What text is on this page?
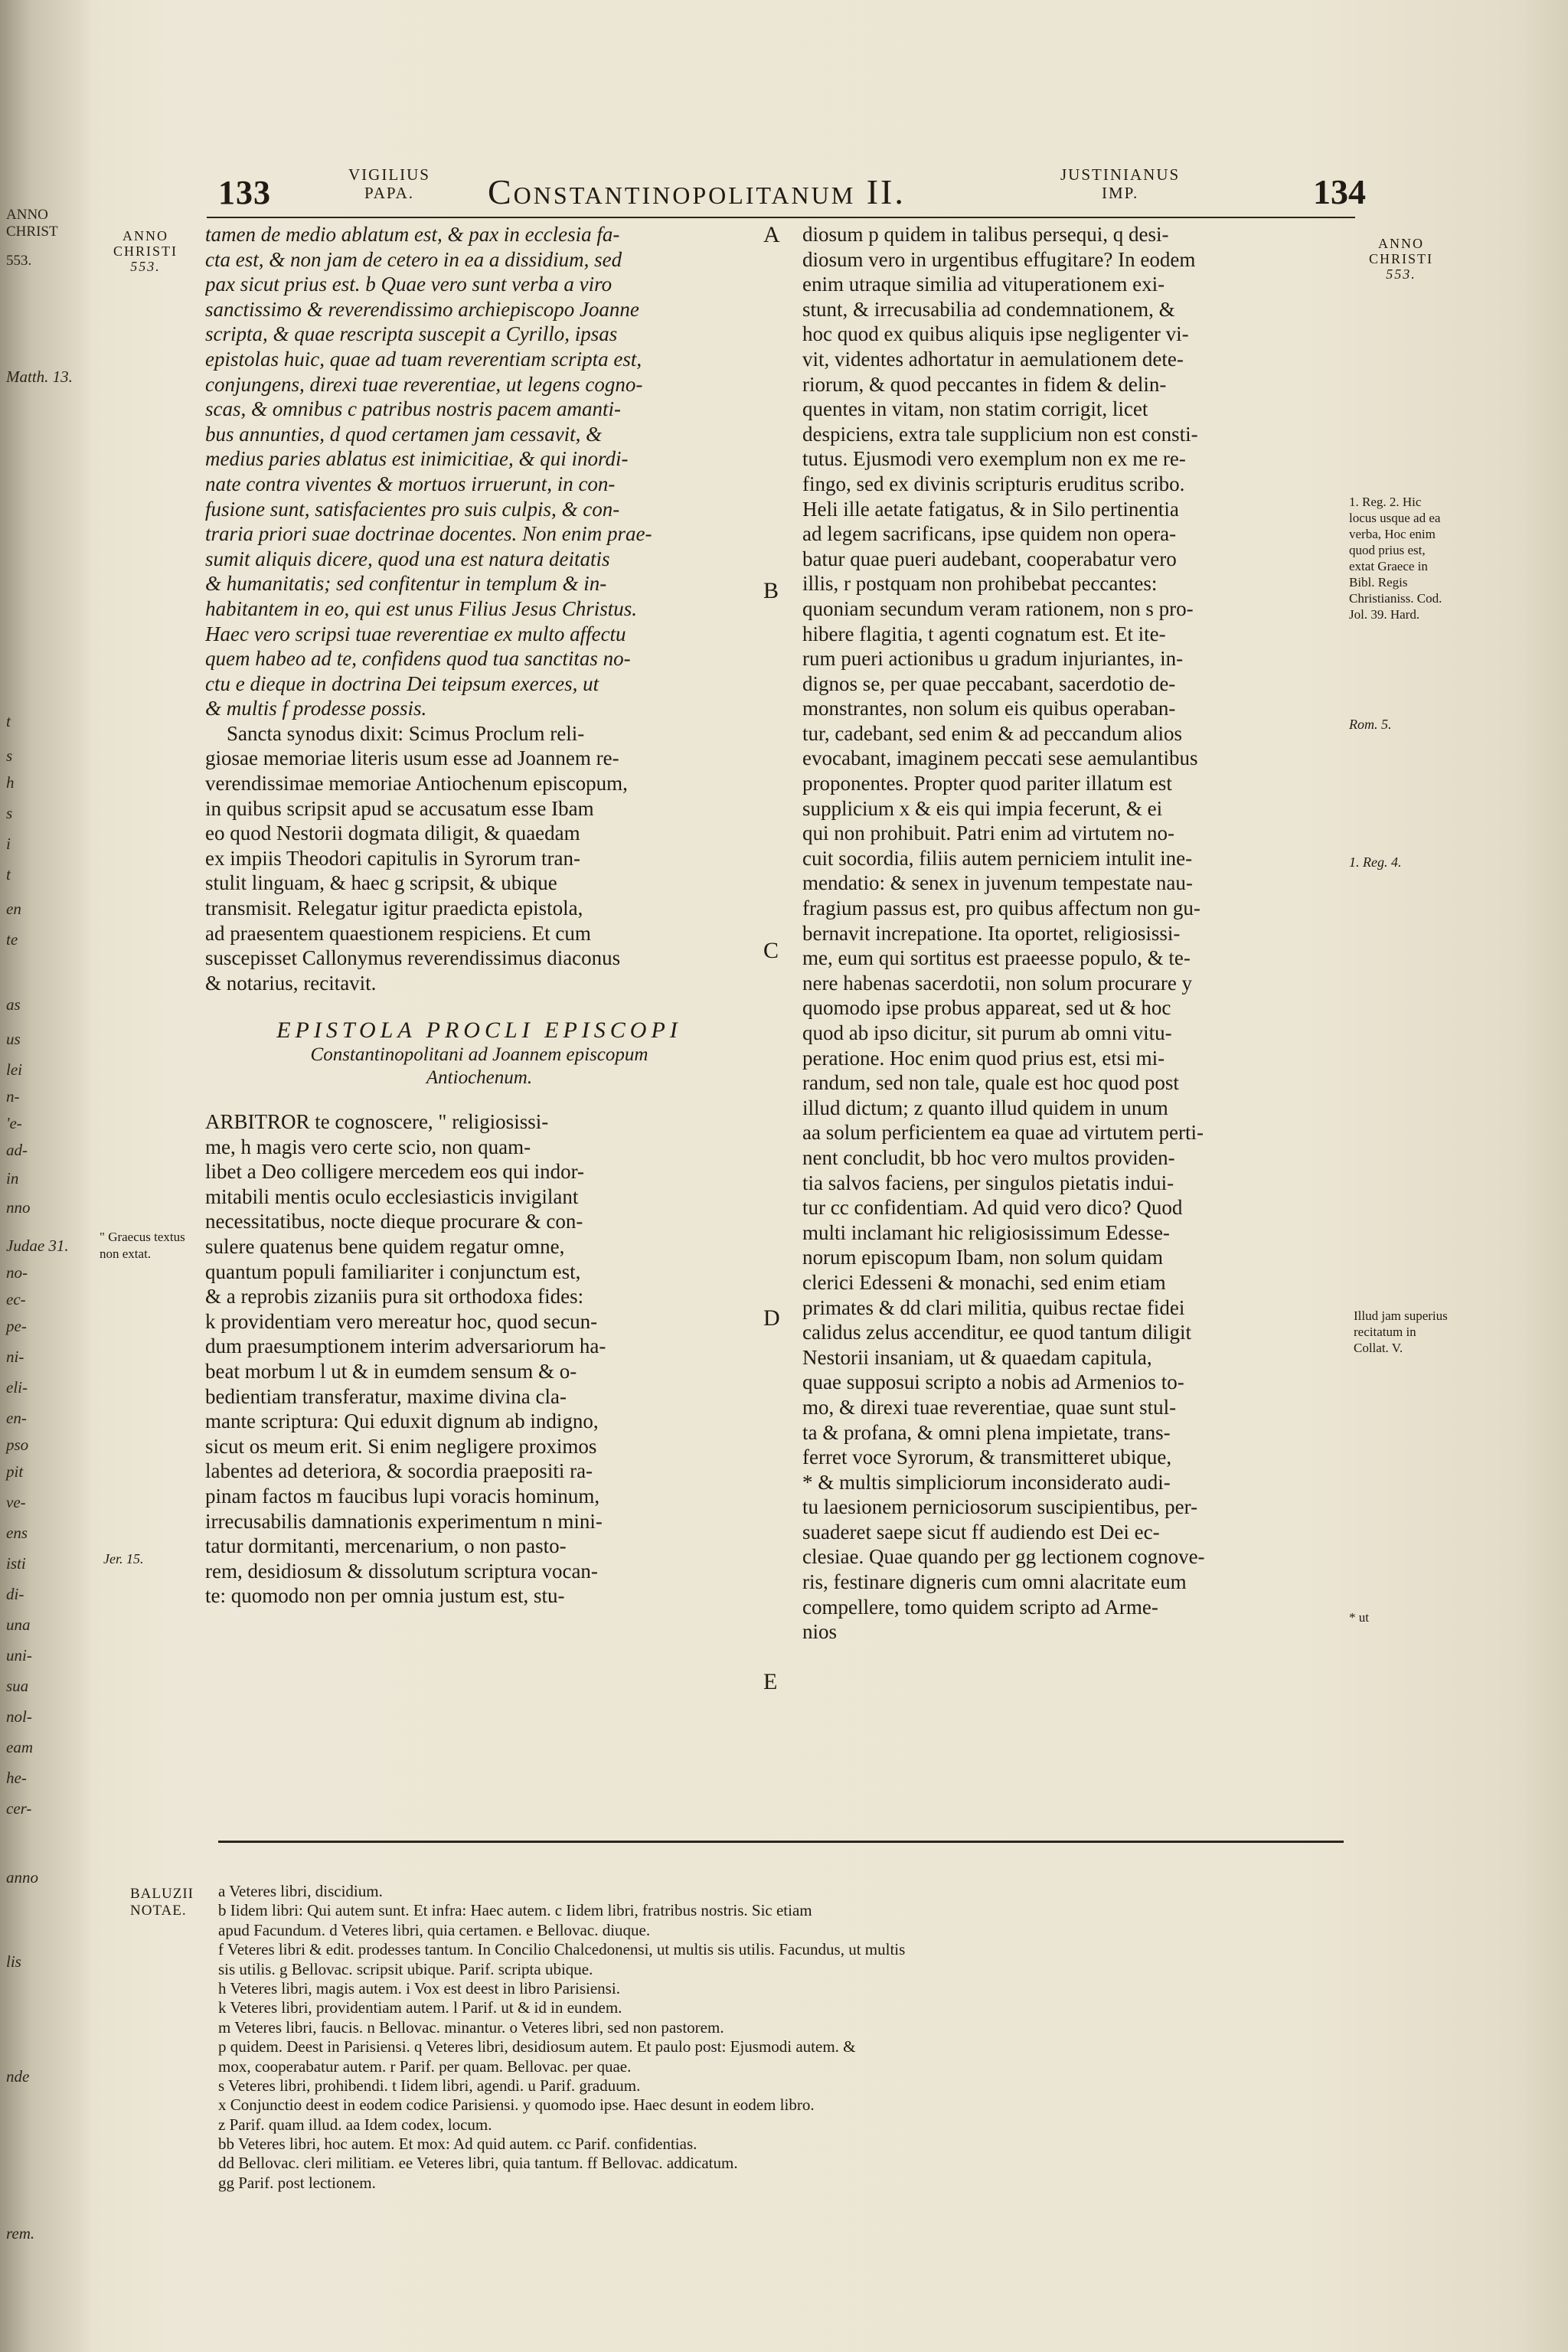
ANNO
CHRIST
553.
Matth. 13.
t
s
h
s
i
t
en
te
as
us
lei
n-
'e-
ad-
in
nno
Judae 31.
no-
ec-
pe-
ni-
eli-
en-
pso
pit
ve-
ens
isti
di-
una
uni-
sua
nol-
eam
he-
cer-
anno
lis
nde
rem.
133	VIGILIUS
PAPA.	Constantinopolitanum II.	JUSTINIANUS
IMP.	134
ANNO
CHRISTI
553.
ANNO
CHRISTI
553.
tamen de medio ablatum est, & pax in ecclesia fa-
cta est, & non jam de cetero in ea a dissidium, sed
pax sicut prius est. b Quae vero sunt verba a viro
sanctissimo & reverendissimo archiepiscopo Joanne
scripta, & quae rescripta suscepit a Cyrillo, ipsas
epistolas huic, quae ad tuam reverentiam scripta est,
conjungens, direxi tuae reverentiae, ut legens cogno-
scas, & omnibus c patribus nostris pacem amanti-
bus annunties, d quod certamen jam cessavit, &
medius paries ablatus est inimicitiae, & qui inordi-
nate contra viventes & mortuos irruerunt, in con-
fusione sunt, satisfacientes pro suis culpis, & con-
traria priori suae doctrinae docentes. Non enim prae-
sumit aliquis dicere, quod una est natura deitatis
& humanitatis; sed confitentur in templum & in-
habitantem in eo, qui est unus Filius Jesus Christus.
Haec vero scripsi tuae reverentiae ex multo affectu
quem habeo ad te, confidens quod tua sanctitas no-
ctu e dieque in doctrina Dei teipsum exerces, ut
& multis f prodesse possis.
Sancta synodus dixit: Scimus Proclum reli-
giosae memoriae literis usum esse ad Joannem re-
verendissimae memoriae Antiochenum episcopum,
in quibus scripsit apud se accusatum esse Ibam
eo quod Nestorii dogmata diligit, & quaedam
ex impiis Theodori capitulis in Syrorum tran-
stulit linguam, & haec g scripsit, & ubique
transmisit. Relegatur igitur praedicta epistola,
ad praesentem quaestionem respiciens. Et cum
suscepisset Callonymus reverendissimus diaconus
& notarius, recitavit.
EPISTOLA PROCLI EPISCOPI
Constantinopolitani ad Joannem episcopum
Antiochenum.
ARBITROR te cognoscere, " religiosissi-
me, h magis vero certe scio, non quam-
libet a Deo colligere mercedem eos qui indor-
mitabili mentis oculo ecclesiasticis invigilant
necessitatibus, nocte dieque procurare & con-
sulere quatenus bene quidem regatur omne,
quantum populi familiariter i conjunctum est,
& a reprobis zizaniis pura sit orthodoxa fides:
k providentiam vero mereatur hoc, quod secun-
dum praesumptionem interim adversariorum ha-
beat morbum l ut & in eumdem sensum & o-
bedientiam transferatur, maxime divina cla-
mante scriptura: Qui eduxit dignum ab indigno,
sicut os meum erit. Si enim negligere proximos
labentes ad deteriora, & socordia praepositi ra-
pinam factos m faucibus lupi voracis hominum,
irrecusabilis damnationis experimentum n mini-
tatur dormitanti, mercenarium, o non pasto-
rem, desidiosum & dissolutum scriptura vocan-
te: quomodo non per omnia justum est, stu-
A
B
C
D
E
diosum p quidem in talibus persequi, q desi-
diosum vero in urgentibus effugitare? In eodem
enim utraque similia ad vituperationem exi-
stunt, & irrecusabilia ad condemnationem, &
hoc quod ex quibus aliquis ipse negligenter vi-
vit, videntes adhortatur in aemulationem dete-
riorum, & quod peccantes in fidem & delin-
quentes in vitam, non statim corrigit, licet
despiciens, extra tale supplicium non est consti-
tutus. Ejusmodi vero exemplum non ex me re-
fingo, sed ex divinis scripturis eruditus scribo.
Heli ille aetate fatigatus, & in Silo pertinentia
ad legem sacrificans, ipse quidem non opera-
batur quae pueri audebant, cooperabatur vero
illis, r postquam non prohibebat peccantes:
quoniam secundum veram rationem, non s pro-
hibere flagitia, t agenti cognatum est. Et ite-
rum pueri actionibus u gradum injuriantes, in-
dignos se, per quae peccabant, sacerdotio de-
monstrantes, non solum eis quibus operaban-
tur, cadebant, sed enim & ad peccandum alios
evocabant, imaginem peccati sese aemulantibus
proponentes. Propter quod pariter illatum est
supplicium x & eis qui impia fecerunt, & ei
qui non prohibuit. Patri enim ad virtutem no-
cuit socordia, filiis autem perniciem intulit ine-
mendatio: & senex in juvenum tempestate nau-
fragium passus est, pro quibus affectum non gu-
bernavit increpatione. Ita oportet, religiosissi-
me, eum qui sortitus est praeesse populo, & te-
nere habenas sacerdotii, non solum procurare y
quomodo ipse probus appareat, sed ut & hoc
quod ab ipso dicitur, sit purum ab omni vitu-
peratione. Hoc enim quod prius est, etsi mi-
randum, sed non tale, quale est hoc quod post
illud dictum; z quanto illud quidem in unum
aa solum perficientem ea quae ad virtutem perti-
nent concludit, bb hoc vero multos providen-
tia salvos faciens, per singulos pietatis indui-
tur cc confidentiam. Ad quid vero dico? Quod
multi inclamant hic religiosissimum Edesse-
norum episcopum Ibam, non solum quidam
clerici Edesseni & monachi, sed enim etiam
primates & dd clari militia, quibus rectae fidei
calidus zelus accenditur, ee quod tantum diligit
Nestorii insaniam, ut & quaedam capitula,
quae supposui scripto a nobis ad Armenios to-
mo, & direxi tuae reverentiae, quae sunt stul-
ta & profana, & omni plena impietate, trans-
ferret voce Syrorum, & transmitteret ubique,
* & multis simpliciorum inconsiderato audi-
tu laesionem perniciosorum suscipientibus, per-
suaderet saepe sicut ff audiendo est Dei ec-
clesiae. Quae quando per gg lectionem cognove-
ris, festinare digneris cum omni alacritate eum
compellere, tomo quidem scripto ad Arme-
nios
" Graecus textus non extat.
Jer. 15.
1. Reg. 2. Hic locus usque ad ea verba, Hoc enim quod prius est, extat Graece in Bibl. Regis Christianiss. Cod. Jol. 39. Hard.
Rom. 5.
1. Reg. 4.
Illud jam superius recitatum in Collat. V.
* ut
BALUZII
NOTAE.
a Veteres libri, discidium.
b Iidem libri: Qui autem sunt. Et infra: Haec autem. c Iidem libri, fratribus nostris. Sic etiam
apud Facundum. d Veteres libri, quia certamen. e Bellovac. diuque.
f Veteres libri & edit. prodesses tantum. In Concilio Chalcedonensi, ut multis sis utilis. Facundus, ut multis
sis utilis. g Bellovac. scripsit ubique. Parif. scripta ubique.
h Veteres libri, magis autem. i Vox est deest in libro Parisiensi.
k Veteres libri, providentiam autem. l Parif. ut & id in eundem.
m Veteres libri, faucis. n Bellovac. minantur. o Veteres libri, sed non pastorem.
p quidem. Deest in Parisiensi. q Veteres libri, desidiosum autem. Et paulo post: Ejusmodi autem. &
mox, cooperabatur autem. r Parif. per quam. Bellovac. per quae.
s Veteres libri, prohibendi. t Iidem libri, agendi. u Parif. graduum.
x Conjunctio deest in eodem codice Parisiensi. y quomodo ipse. Haec desunt in eodem libro.
z Parif. quam illud. aa Idem codex, locum.
bb Veteres libri, hoc autem. Et mox: Ad quid autem. cc Parif. confidentias.
dd Bellovac. cleri militiam. ee Veteres libri, quia tantum. ff Bellovac. addicatum.
gg Parif. post lectionem.
